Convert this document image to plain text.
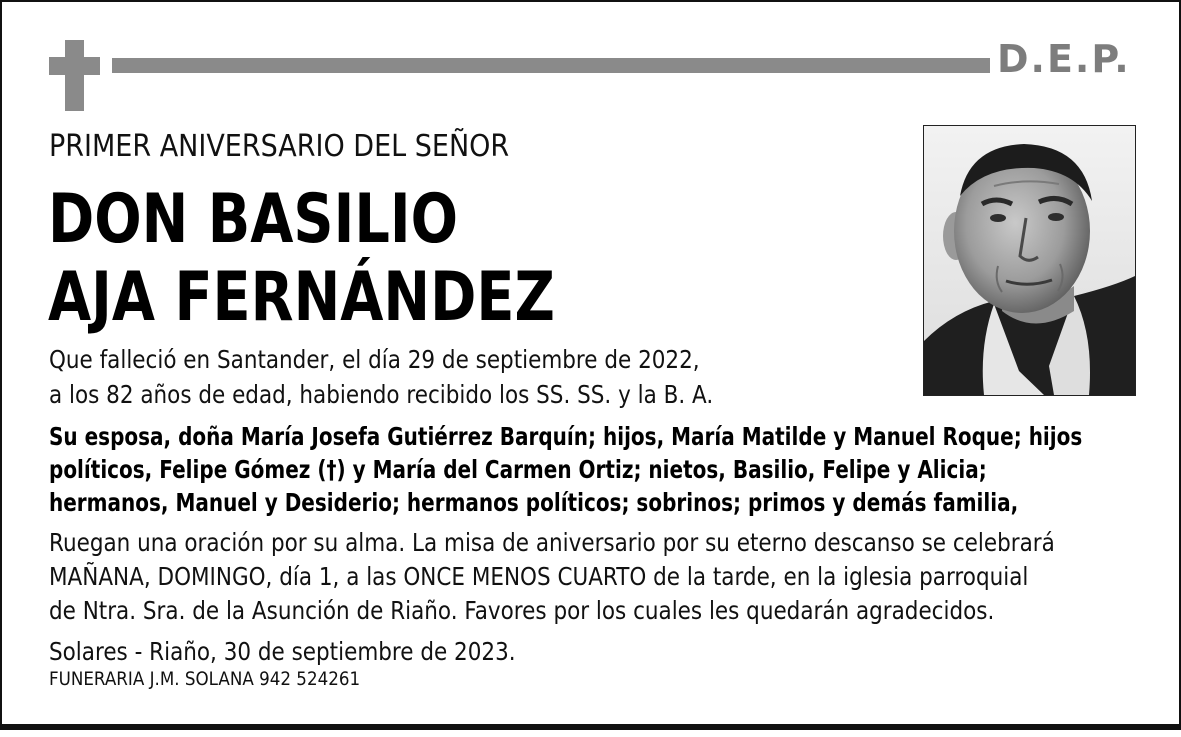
D.E.P.
PRIMER ANIVERSARIO DEL SEÑOR
DON BASILIO
AJA FERNÁNDEZ
Que falleció en Santander, el día 29 de septiembre de 2022,
a los 82 años de edad, habiendo recibido los SS. SS. y la B. A.
Su esposa, doña María Josefa Gutiérrez Barquín; hijos, María Matilde y Manuel Roque; hijos
políticos, Felipe Gómez (†) y María del Carmen Ortiz; nietos, Basilio, Felipe y Alicia;
hermanos, Manuel y Desiderio; hermanos políticos; sobrinos; primos y demás familia,
Ruegan una oración por su alma. La misa de aniversario por su eterno descanso se celebrará
MAÑANA, DOMINGO, día 1, a las ONCE MENOS CUARTO de la tarde, en la iglesia parroquial
de Ntra. Sra. de la Asunción de Riaño. Favores por los cuales les quedarán agradecidos.
Solares - Riaño, 30 de septiembre de 2023.
FUNERARIA J.M. SOLANA 942 524261
